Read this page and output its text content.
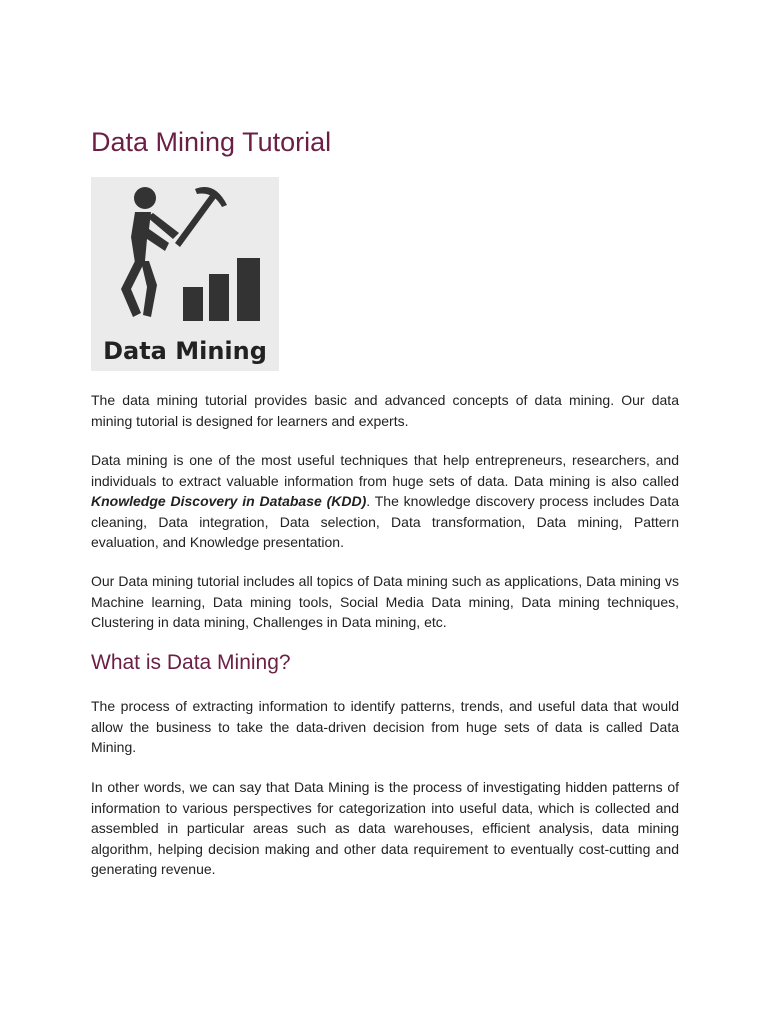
Data Mining Tutorial
Data Mining

The data mining tutorial provides basic and advanced concepts of data mining. Our data mining tutorial is designed for learners and experts.

Data mining is one of the most useful techniques that help entrepreneurs, researchers, and individuals to extract valuable information from huge sets of data. Data mining is also called Knowledge Discovery in Database (KDD). The knowledge discovery process includes Data cleaning, Data integration, Data selection, Data transformation, Data mining, Pattern evaluation, and Knowledge presentation.

Our Data mining tutorial includes all topics of Data mining such as applications, Data mining vs Machine learning, Data mining tools, Social Media Data mining, Data mining techniques, Clustering in data mining, Challenges in Data mining, etc.

What is Data Mining?

The process of extracting information to identify patterns, trends, and useful data that would allow the business to take the data-driven decision from huge sets of data is called Data Mining.

In other words, we can say that Data Mining is the process of investigating hidden patterns of information to various perspectives for categorization into useful data, which is collected and assembled in particular areas such as data warehouses, efficient analysis, data mining algorithm, helping decision making and other data requirement to eventually cost-cutting and generating revenue.
